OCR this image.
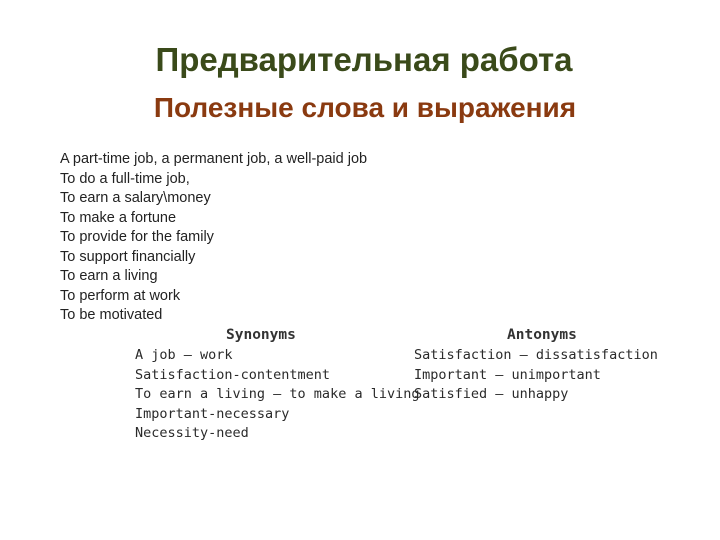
Предварительная работа
Полезные слова и выражения
A part-time job, a permanent job, a well-paid job
To do a full-time job,
To earn a salary\money
To make a fortune
To provide for the family
To support financially
To earn a living
To perform at work
To be motivated
Synonyms	Antonyms
A job – work
Satisfaction-contentment
To earn a living – to make a living
Important-necessary
Necessity-need
Satisfaction – dissatisfaction
Important – unimportant
Satisfied – unhappy
